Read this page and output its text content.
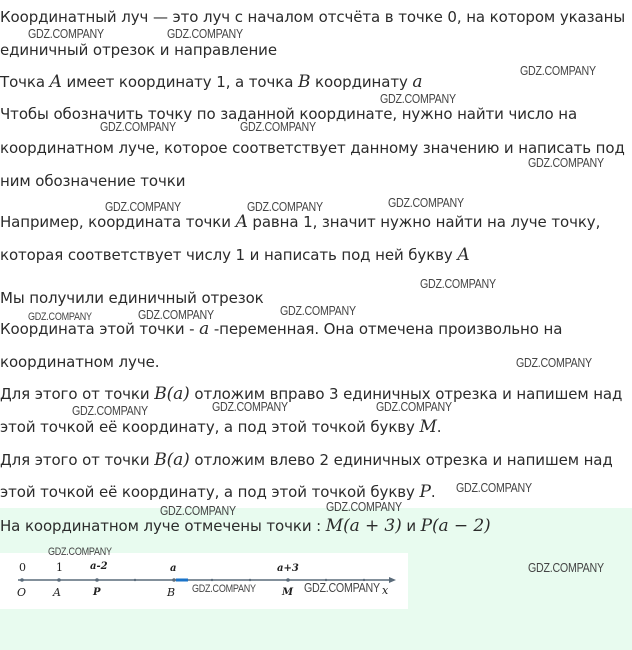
Координатный луч — это луч с началом отсчёта в точке 0, на котором указаны
единичный отрезок и направление
Точка A имеет координату 1, а точка B координату a
Чтобы обозначить точку по заданной координате, нужно найти число на
координатном луче, которое соответствует данному значению и написать под
ним обозначение точки
Например, координата точки A равна 1, значит нужно найти на луче точку,
которая соответствует числу 1 и написать под ней букву A
Мы получили единичный отрезок
Координата этой точки - a -переменная. Она отмечена произвольно на
координатном луче.
Для этого от точки B(a) отложим вправо 3 единичных отрезка и напишем над
этой точкой её координату, а под этой точкой букву M.
Для этого от точки B(a) отложим влево 2 единичных отрезка и напишем над
этой точкой её координату, а под этой точкой букву P.
На координатном луче отмечены точки : M(a + 3) и P(a − 2)
0	1	a-2	a	a+3
O A	P	B	M	x
GDZ.COMPANY	GDZ.COMPANY
GDZ.COMPANY
GDZ.COMPANY
GDZ.COMPANY	GDZ.COMPANY
GDZ.COMPANY
GDZ.COMPANY	GDZ.COMPANY	GDZ.COMPANY
GDZ.COMPANY
GDZ.COMPANY	GDZ.COMPANY	GDZ.COMPANY
GDZ.COMPANY
GDZ.COMPANY	GDZ.COMPANY	GDZ.COMPANY
GDZ.COMPANY
GDZ.COMPANY
GDZ.COMPANY
GDZ.COMPANY
GDZ.COMPANY
GDZ.COMPANY	GDZ.COMPANY
